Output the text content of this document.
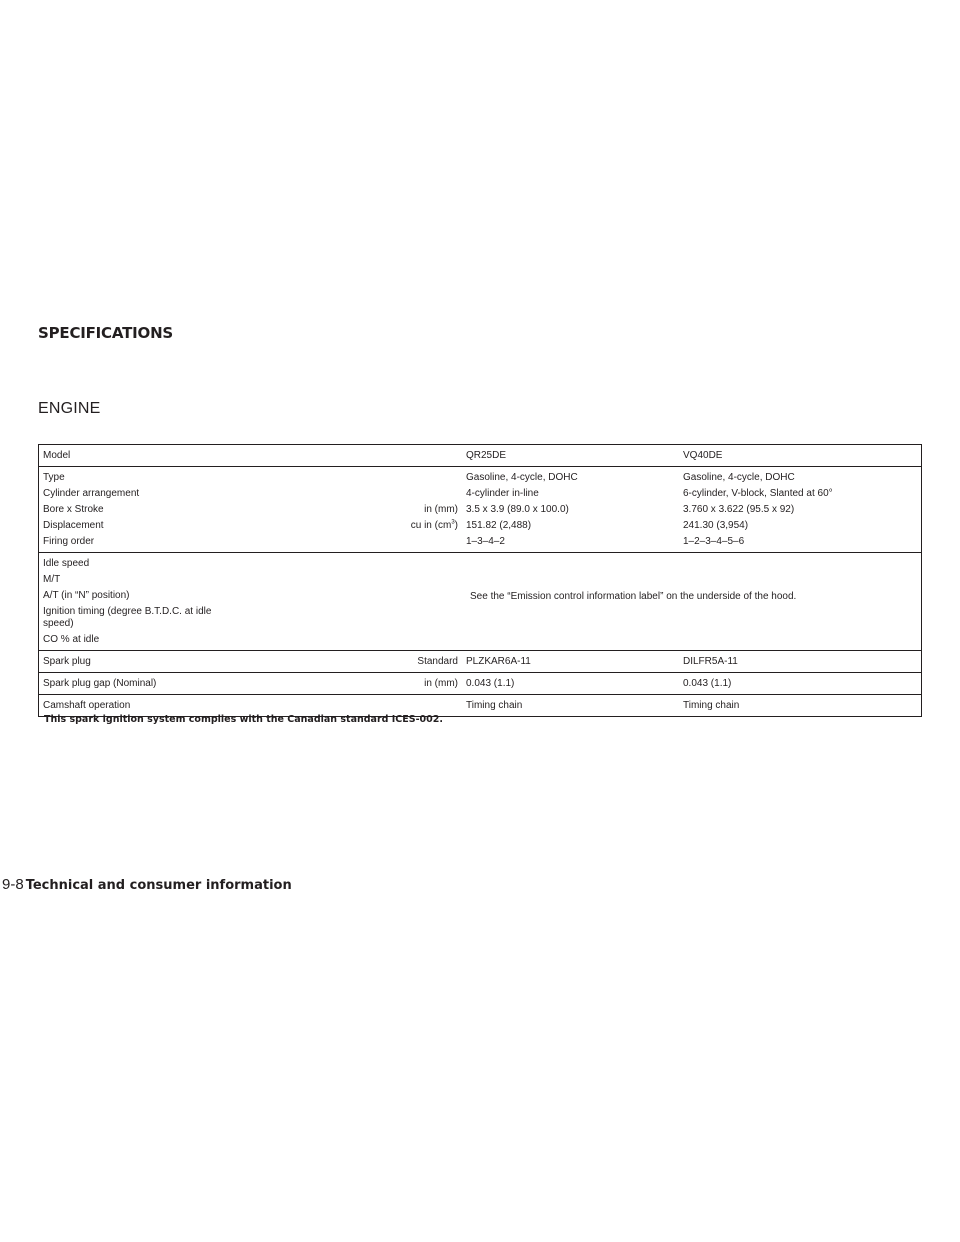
SPECIFICATIONS
ENGINE
Model	QR25DE	VQ40DE
Type	Gasoline, 4-cycle, DOHC	Gasoline, 4-cycle, DOHC
Cylinder arrangement	4-cylinder in-line	6-cylinder, V-block, Slanted at 60°
Bore x Stroke	in (mm) 3.5 x 3.9 (89.0 x 100.0)	3.760 x 3.622 (95.5 x 92)
Displacement	cu in $(cm^3)$ 151.82 (2,488)	241.30 (3,954)
Firing order	1–3–4–2	1–2–3–4–5–6
Idle speed
M/T
A/T (in “N” position)
Ignition timing (degree B.T.D.C. at idle speed)
CO % at idle
See the “Emission control information label” on the underside of the hood.
Spark plug	Standard PLZKAR6A-11	DILFR5A-11
Spark plug gap (Nominal)	in (mm) 0.043 (1.1)	0.043 (1.1)
Camshaft operation	Timing chain	Timing chain

This spark ignition system complies with the Canadian standard ICES-002.

9-8 Technical and consumer information
